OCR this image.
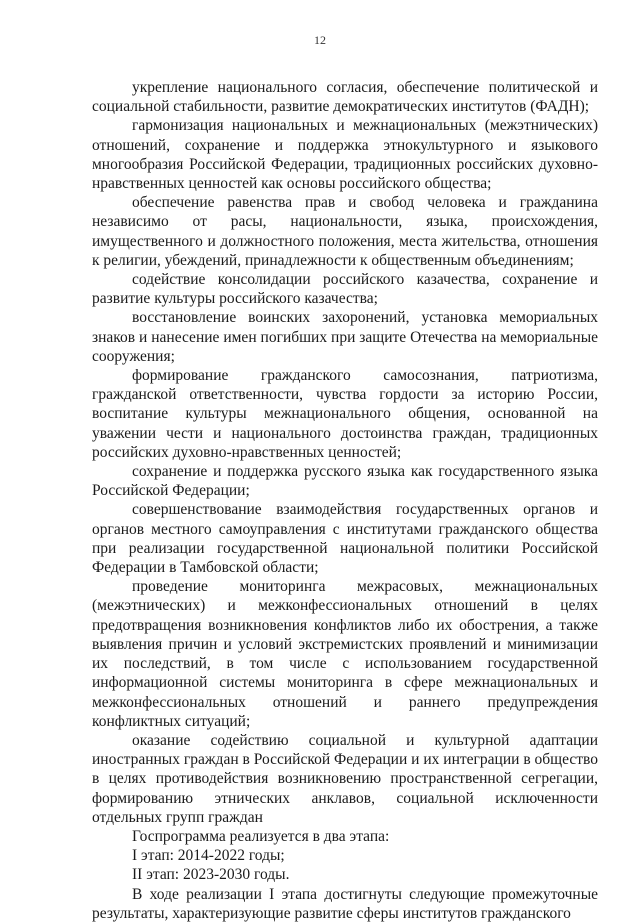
12

укрепление национального согласия, обеспечение политической и социальной стабильности, развитие демократических институтов (ФАДН);

гармонизация национальных и межнациональных (межэтнических) отношений, сохранение и поддержка этнокультурного и языкового многообразия Российской Федерации, традиционных российских духовно-нравственных ценностей как основы российского общества;

обеспечение равенства прав и свобод человека и гражданина независимо от расы, национальности, языка, происхождения, имущественного и должностного положения, места жительства, отношения к религии, убеждений, принадлежности к общественным объединениям;

содействие консолидации российского казачества, сохранение и развитие культуры российского казачества;

восстановление воинских захоронений, установка мемориальных знаков и нанесение имен погибших при защите Отечества на мемориальные сооружения;

формирование гражданского самосознания, патриотизма, гражданской ответственности, чувства гордости за историю России, воспитание культуры межнационального общения, основанной на уважении чести и национального достоинства граждан, традиционных российских духовно-нравственных ценностей;

сохранение и поддержка русского языка как государственного языка Российской Федерации;

совершенствование взаимодействия государственных органов и органов местного самоуправления с институтами гражданского общества при реализации государственной национальной политики Российской Федерации в Тамбовской области;

проведение мониторинга межрасовых, межнациональных (межэтнических) и межконфессиональных отношений в целях предотвращения возникновения конфликтов либо их обострения, а также выявления причин и условий экстремистских проявлений и минимизации их последствий, в том числе с использованием государственной информационной системы мониторинга в сфере межнациональных и межконфессиональных отношений и раннего предупреждения конфликтных ситуаций;

оказание содействию социальной и культурной адаптации иностранных граждан в Российской Федерации и их интеграции в общество в целях противодействия возникновению пространственной сегрегации, формированию этнических анклавов, социальной исключенности отдельных групп граждан

Госпрограмма реализуется в два этапа:

I этап: 2014-2022 годы;

II этап: 2023-2030 годы.

В ходе реализации I этапа достигнуты следующие промежуточные результаты, характеризующие развитие сферы институтов гражданского
